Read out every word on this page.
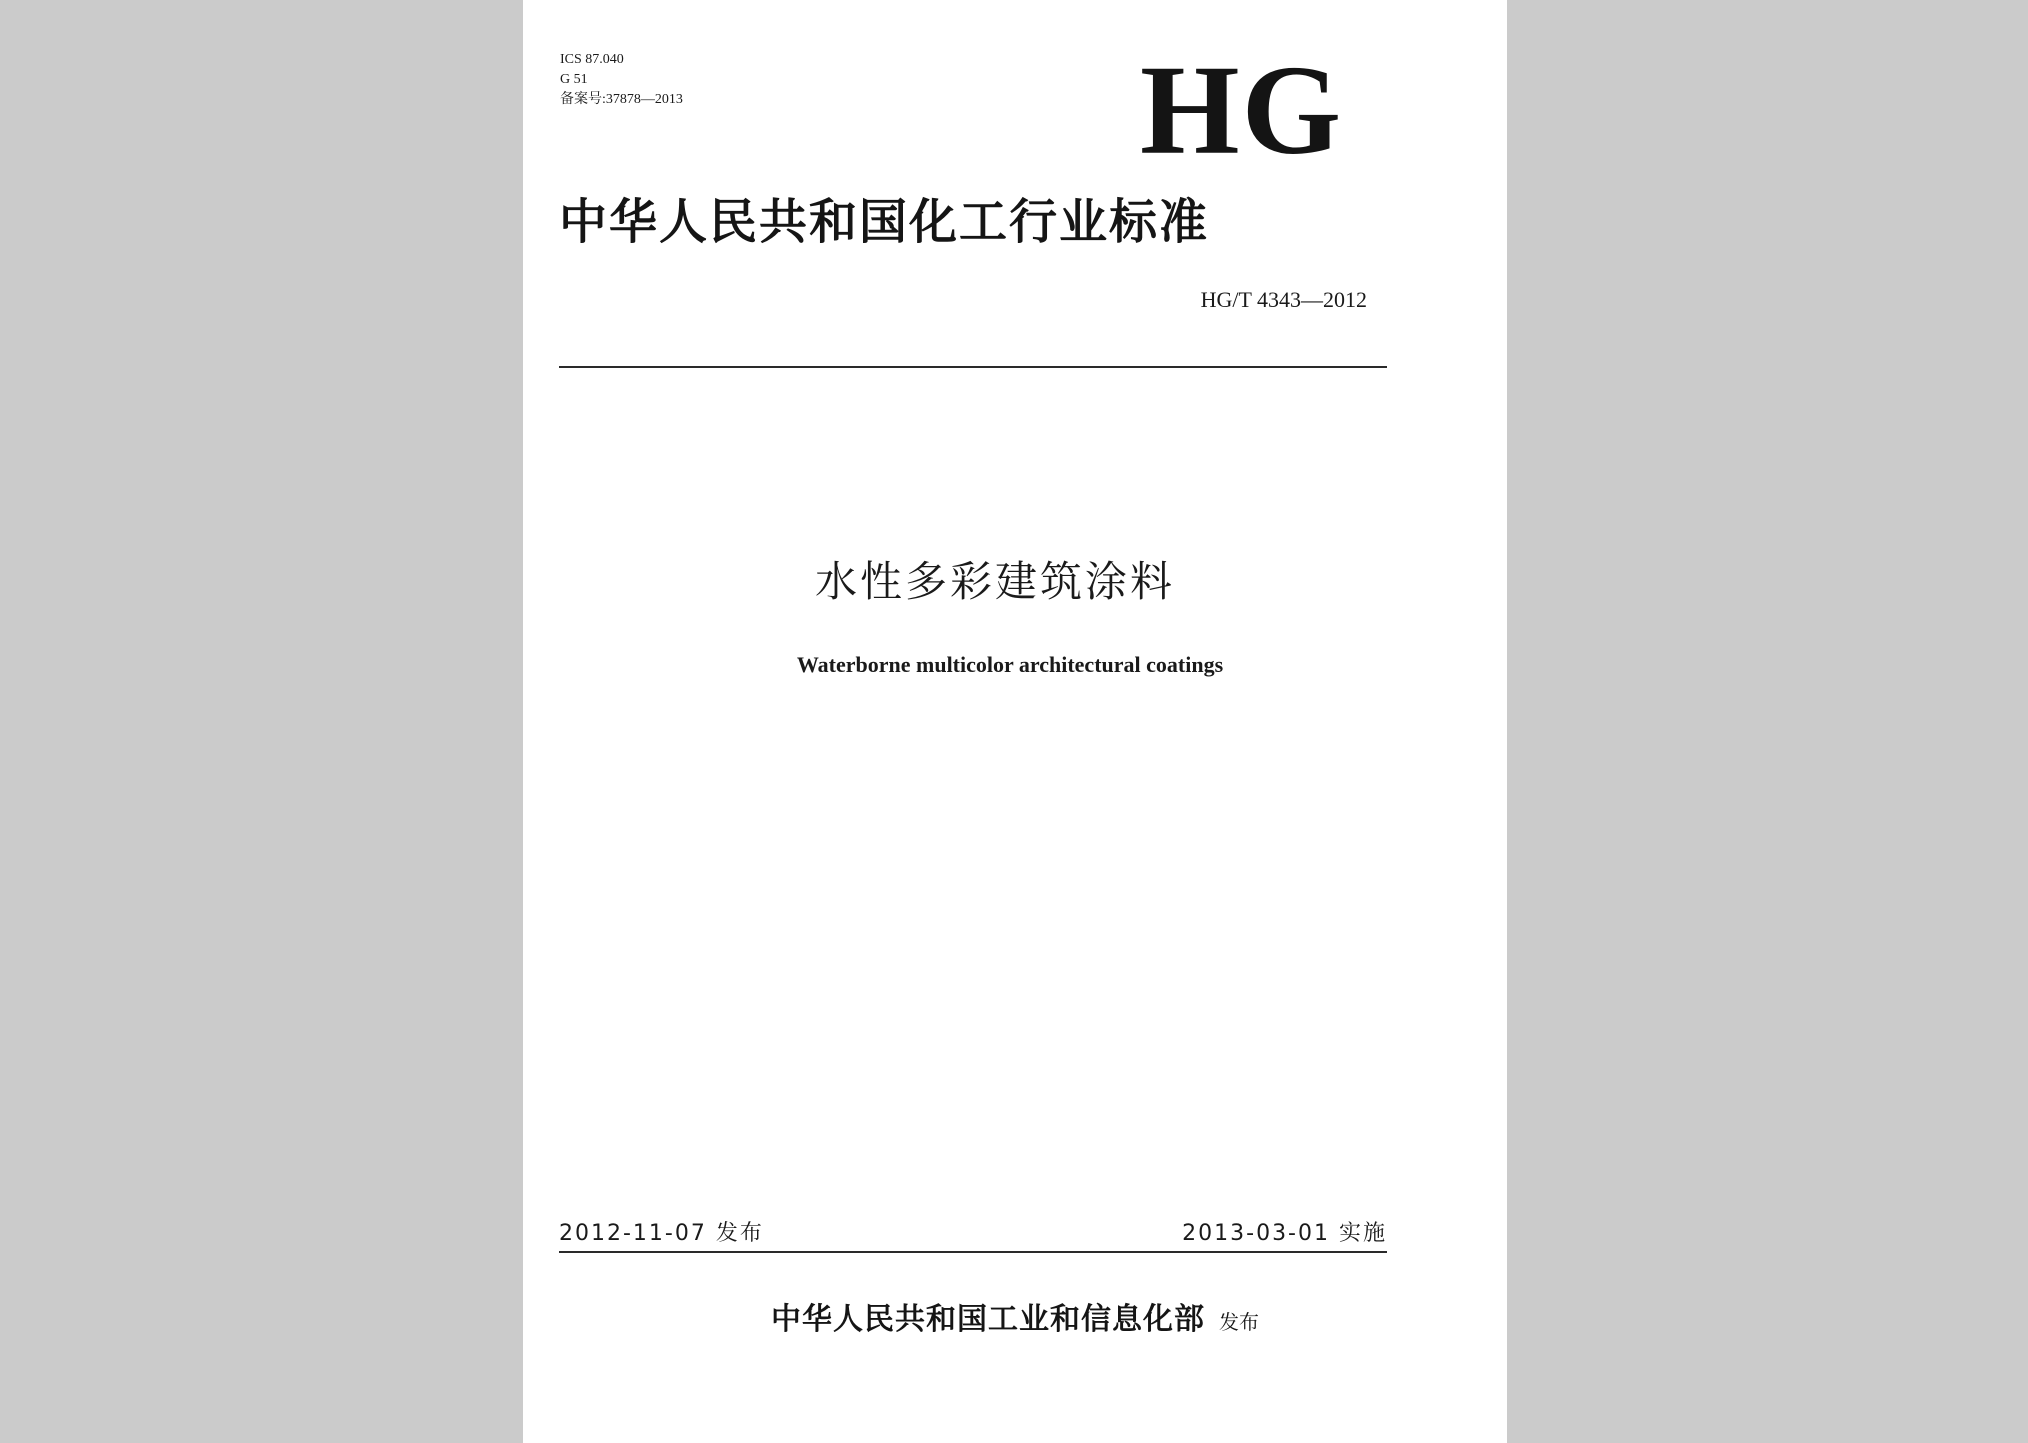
ICS 87.040
G 51
备案号:37878—2013	HG
中华人民共和国化工行业标准
HG/T 4343—2012
水性多彩建筑涂料
Waterborne multicolor architectural coatings
2012-11-07 发布	2013-03-01 实施
中华人民共和国工业和信息化部 发布
